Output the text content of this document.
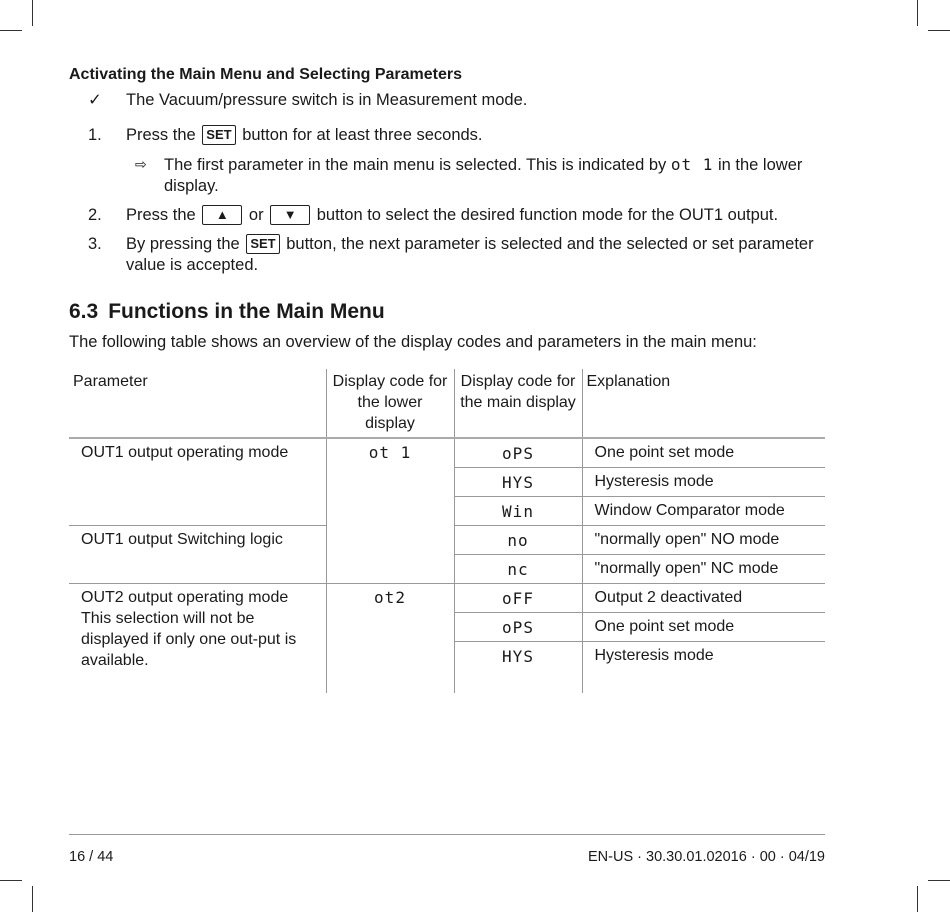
Activating the Main Menu and Selecting Parameters
✓	The Vacuum/pressure switch is in Measurement mode.
1.	Press the SET button for at least three seconds.
⇨	The first parameter in the main menu is selected. This is indicated by ot 1 in the lower display.
2.	Press the ▲ or ▼ button to select the desired function mode for the OUT1 output.
3.	By pressing the SET button, the next parameter is selected and the selected or set parameter value is accepted.
6.3 Functions in the Main Menu
The following table shows an overview of the display codes and parameters in the main menu:
Parameter	Display code for the lower display	Display code for the main display	Explanation
OUT1 output operating mode	ot 1	oPS	One point set mode
		HYS	Hysteresis mode
		Win	Window Comparator mode
OUT1 output Switching logic		no	"normally open" NO mode
		nc	"normally open" NC mode
OUT2 output operating mode This selection will not be displayed if only one out-put is available.	ot2	oFF	Output 2 deactivated
		oPS	One point set mode
		HYS	Hysteresis mode
16 / 44	EN-US · 30.30.01.02016 · 00 · 04/19
